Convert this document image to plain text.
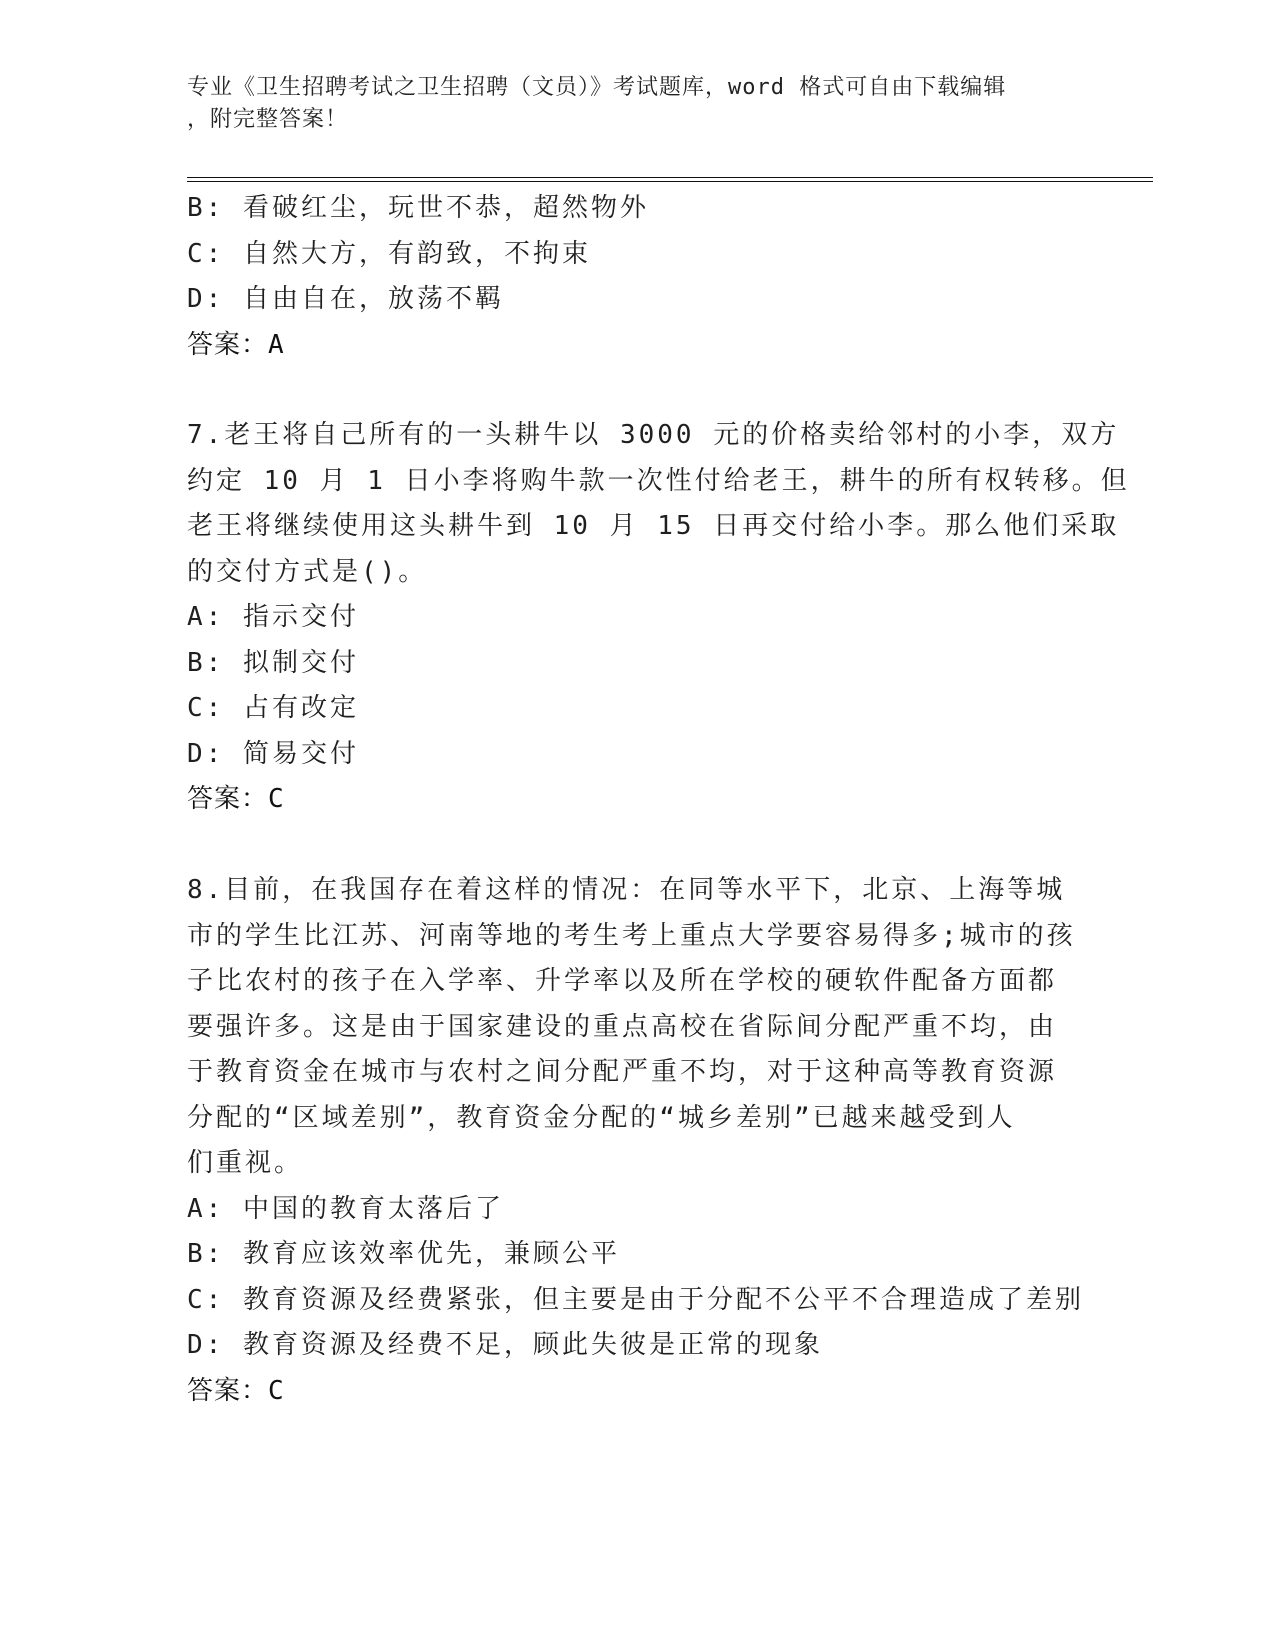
专业《卫生招聘考试之卫生招聘（文员）》考试题库，word 格式可自由下载编辑
，附完整答案！
B: 看破红尘，玩世不恭，超然物外
C: 自然大方，有韵致，不拘束
D: 自由自在，放荡不羁
答案：A
7.老王将自己所有的一头耕牛以 3000 元的价格卖给邻村的小李，双方
约定 10 月 1 日小李将购牛款一次性付给老王，耕牛的所有权转移。但
老王将继续使用这头耕牛到 10 月 15 日再交付给小李。那么他们采取
的交付方式是()。
A: 指示交付
B: 拟制交付
C: 占有改定
D: 简易交付
答案：C
8.目前，在我国存在着这样的情况：在同等水平下，北京、上海等城
市的学生比江苏、河南等地的考生考上重点大学要容易得多;城市的孩
子比农村的孩子在入学率、升学率以及所在学校的硬软件配备方面都
要强许多。这是由于国家建设的重点高校在省际间分配严重不均，由
于教育资金在城市与农村之间分配严重不均，对于这种高等教育资源
分配的“区域差别”，教育资金分配的“城乡差别”已越来越受到人
们重视。
A: 中国的教育太落后了
B: 教育应该效率优先，兼顾公平
C: 教育资源及经费紧张，但主要是由于分配不公平不合理造成了差别
D: 教育资源及经费不足，顾此失彼是正常的现象
答案：C
